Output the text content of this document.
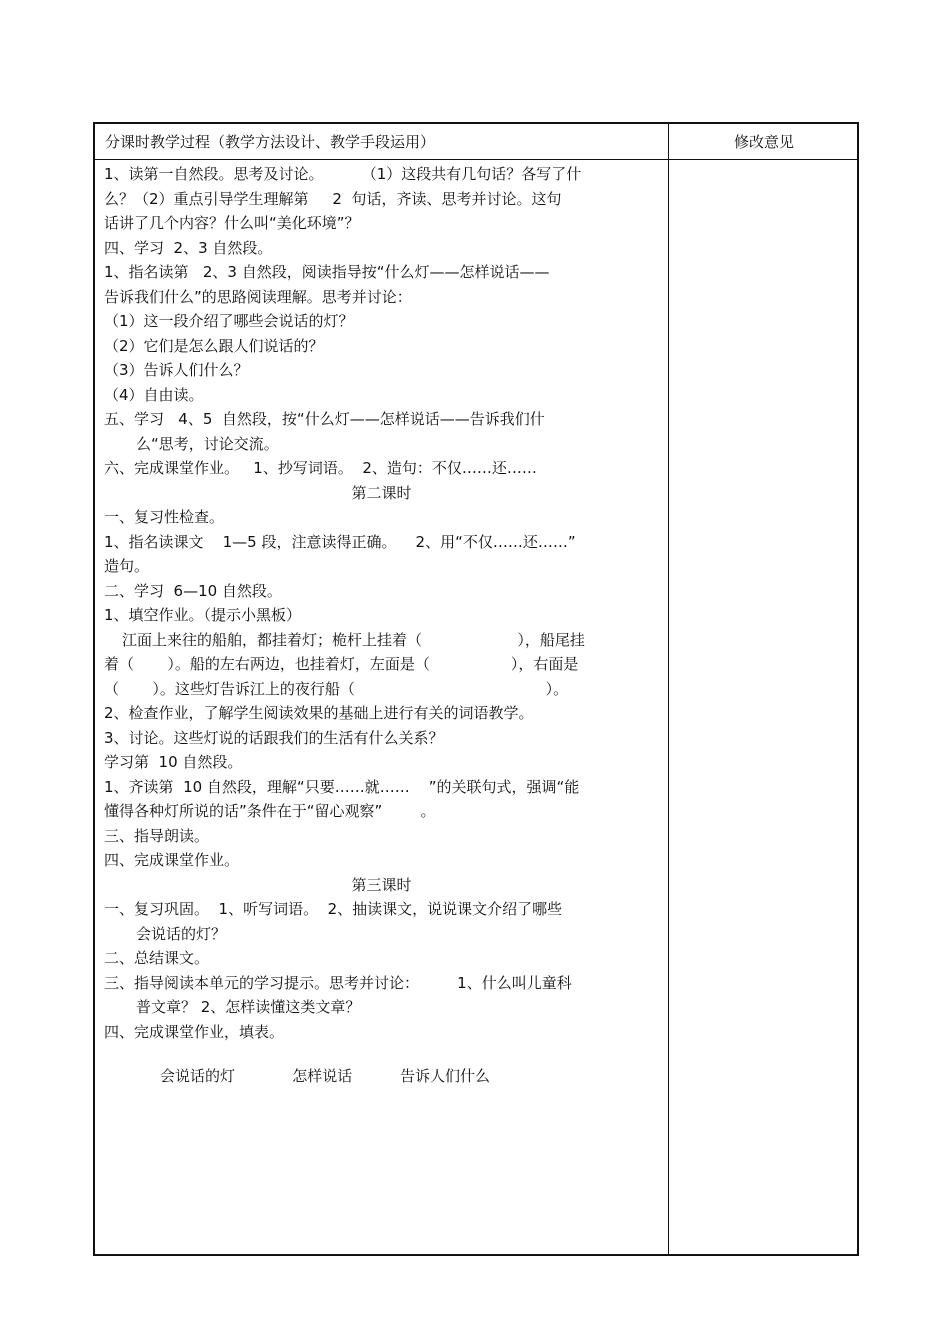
分课时教学过程（教学方法设计、教学手段运用）	修改意见
1、读第一自然段。思考及讨论。        （1）这段共有几句话？各写了什
么？（2）重点引导学生理解第     2  句话，齐读、思考并讨论。这句
话讲了几个内容？什么叫“美化环境”？
四、学习  2、3 自然段。
1、指名读第   2、3 自然段，阅读指导按“什么灯——怎样说话——
告诉我们什么”的思路阅读理解。思考并讨论：
（1）这一段介绍了哪些会说话的灯？
（2）它们是怎么跟人们说话的？
（3）告诉人们什么？
（4）自由读。
五、学习   4、5  自然段，按“什么灯——怎样说话——告诉我们什
么“思考，讨论交流。
六、完成课堂作业。   1、抄写词语。  2、造句：不仅……还……
第二课时
一、复习性检查。
1、指名读课文    1—5 段，注意读得正确。    2、用“不仅……还……”
造句。
二、学习  6—10 自然段。
1、填空作业。（提示小黑板）
江面上来往的船舶，都挂着灯；桅杆上挂着（                    ），船尾挂
着（       ）。船的左右两边，也挂着灯，左面是（                 ），右面是
（       ）。这些灯告诉江上的夜行船（                                        ）。
2、检查作业，了解学生阅读效果的基础上进行有关的词语教学。
3、讨论。这些灯说的话跟我们的生活有什么关系？
学习第  10 自然段。
1、齐读第  10 自然段，理解“只要……就……    ”的关联句式，强调“能
懂得各种灯所说的话”条件在于“留心观察”        。
三、指导朗读。
四、完成课堂作业。
第三课时
一、复习巩固。  1、听写词语。  2、抽读课文，说说课文介绍了哪些
会说话的灯？
二、总结课文。
三、指导阅读本单元的学习提示。思考并讨论：        1、什么叫儿童科
普文章？ 2、怎样读懂这类文章？
四、完成课堂作业，填表。
会说话的灯	怎样说话	告诉人们什么
